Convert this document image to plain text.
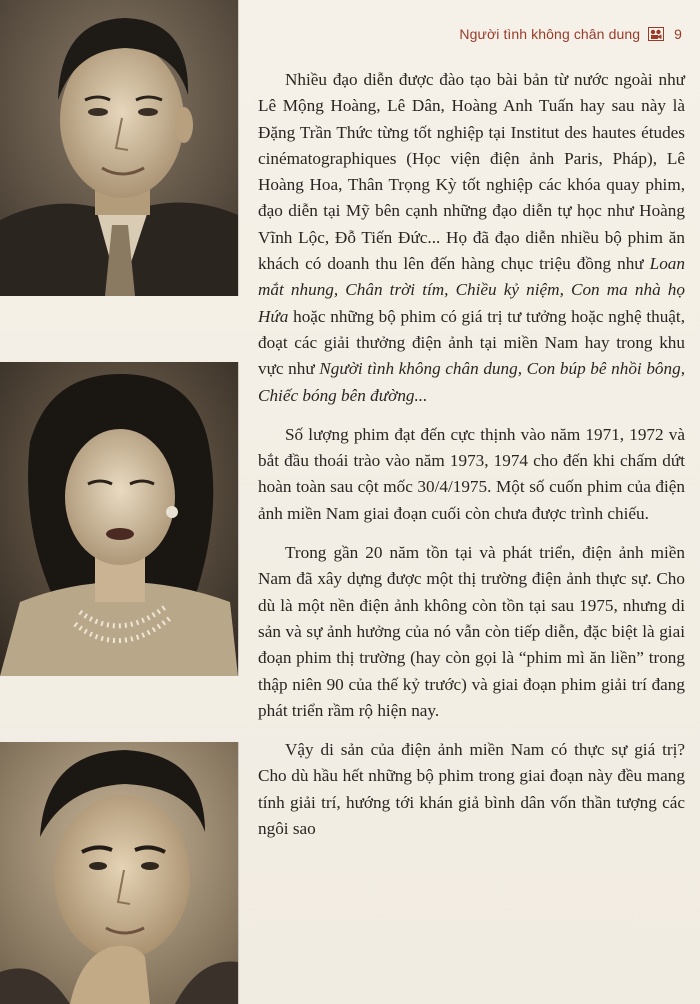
Người tình không chân dung 9

Nhiều đạo diễn được đào tạo bài bản từ nước ngoài như Lê Mộng Hoàng, Lê Dân, Hoàng Anh Tuấn hay sau này là Đặng Trần Thức từng tốt nghiệp tại Institut des hautes études cinématographiques (Học viện điện ảnh Paris, Pháp), Lê Hoàng Hoa, Thân Trọng Kỳ tốt nghiệp các khóa quay phim, đạo diễn tại Mỹ bên cạnh những đạo diễn tự học như Hoàng Vĩnh Lộc, Đỗ Tiến Đức... Họ đã đạo diễn nhiều bộ phim ăn khách có doanh thu lên đến hàng chục triệu đồng như Loan mắt nhung, Chân trời tím, Chiều kỷ niệm, Con ma nhà họ Hứa hoặc những bộ phim có giá trị tư tưởng hoặc nghệ thuật, đoạt các giải thưởng điện ảnh tại miền Nam hay trong khu vực như Người tình không chân dung, Con búp bê nhồi bông, Chiếc bóng bên đường...

Số lượng phim đạt đến cực thịnh vào năm 1971, 1972 và bắt đầu thoái trào vào năm 1973, 1974 cho đến khi chấm dứt hoàn toàn sau cột mốc 30/4/1975. Một số cuốn phim của điện ảnh miền Nam giai đoạn cuối còn chưa được trình chiếu.

Trong gần 20 năm tồn tại và phát triển, điện ảnh miền Nam đã xây dựng được một thị trường điện ảnh thực sự. Cho dù là một nền điện ảnh không còn tồn tại sau 1975, nhưng di sản và sự ảnh hưởng của nó vẫn còn tiếp diễn, đặc biệt là giai đoạn phim thị trường (hay còn gọi là “phim mì ăn liền” trong thập niên 90 của thế kỷ trước) và giai đoạn phim giải trí đang phát triển rầm rộ hiện nay.

Vậy di sản của điện ảnh miền Nam có thực sự giá trị? Cho dù hầu hết những bộ phim trong giai đoạn này đều mang tính giải trí, hướng tới khán giả bình dân vốn thần tượng các ngôi sao
